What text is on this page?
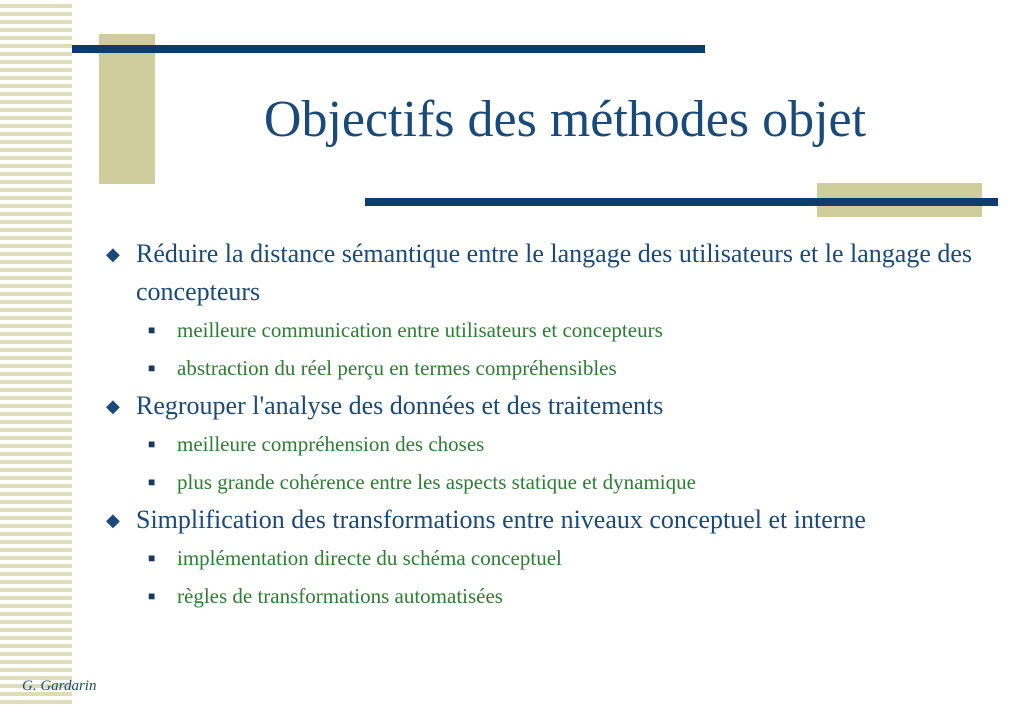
Objectifs des méthodes objet
◆ Réduire la distance sémantique entre le langage des utilisateurs et le langage des concepteurs
■ meilleure communication entre utilisateurs et concepteurs
■ abstraction du réel perçu en termes compréhensibles
◆ Regrouper l'analyse des données et des traitements
■ meilleure compréhension des choses
■ plus grande cohérence entre les aspects statique et dynamique
◆ Simplification des transformations entre niveaux conceptuel et interne
■ implémentation directe du schéma conceptuel
■ règles de transformations automatisées
G. Gardarin
